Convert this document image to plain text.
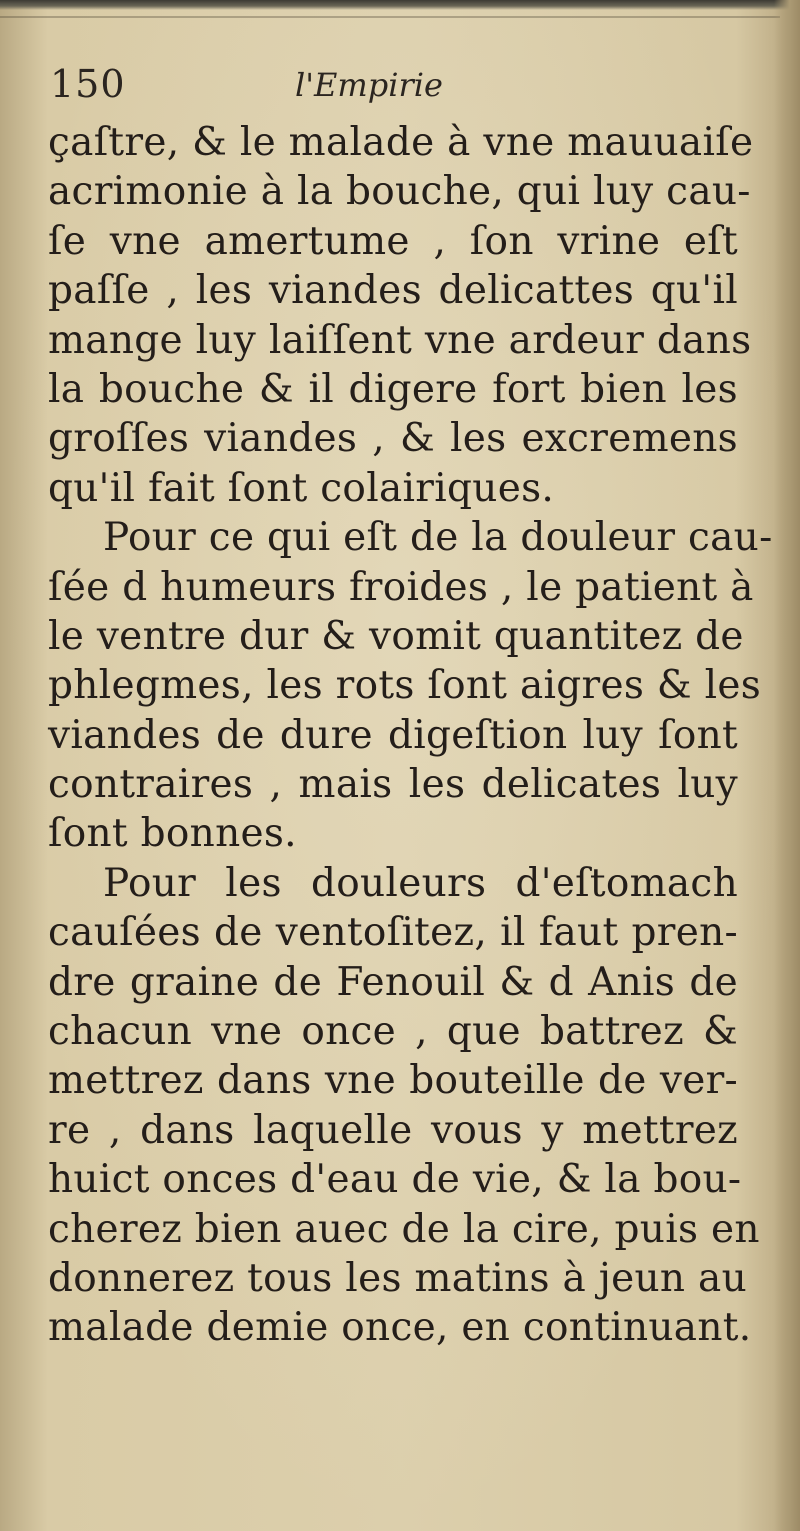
150	l'Empirie
çaſtre, & le malade à vne mauuaiſe
acrimonie à la bouche, qui luy cau-
ſe vne amertume , ſon vrine eſt
paſſe , les viandes delicattes qu'il
mange luy laiſſent vne ardeur dans
la bouche & il digere fort bien les
groſſes viandes , & les excremens
qu'il fait ſont colairiques.
Pour ce qui eſt de la douleur cau-
ſée d humeurs froides , le patient à
le ventre dur & vomit quantitez de
phlegmes, les rots ſont aigres & les
viandes de dure digeſtion luy ſont
contraires , mais les delicates luy
ſont bonnes.
Pour les douleurs d'eſtomach
cauſées de ventoſitez, il faut pren-
dre graine de Fenouil & d Anis de
chacun vne once , que battrez &
mettrez dans vne bouteille de ver-
re , dans laquelle vous y mettrez
huict onces d'eau de vie, & la bou-
cherez bien auec de la cire, puis en
donnerez tous les matins à jeun au
malade demie once, en continuant.
